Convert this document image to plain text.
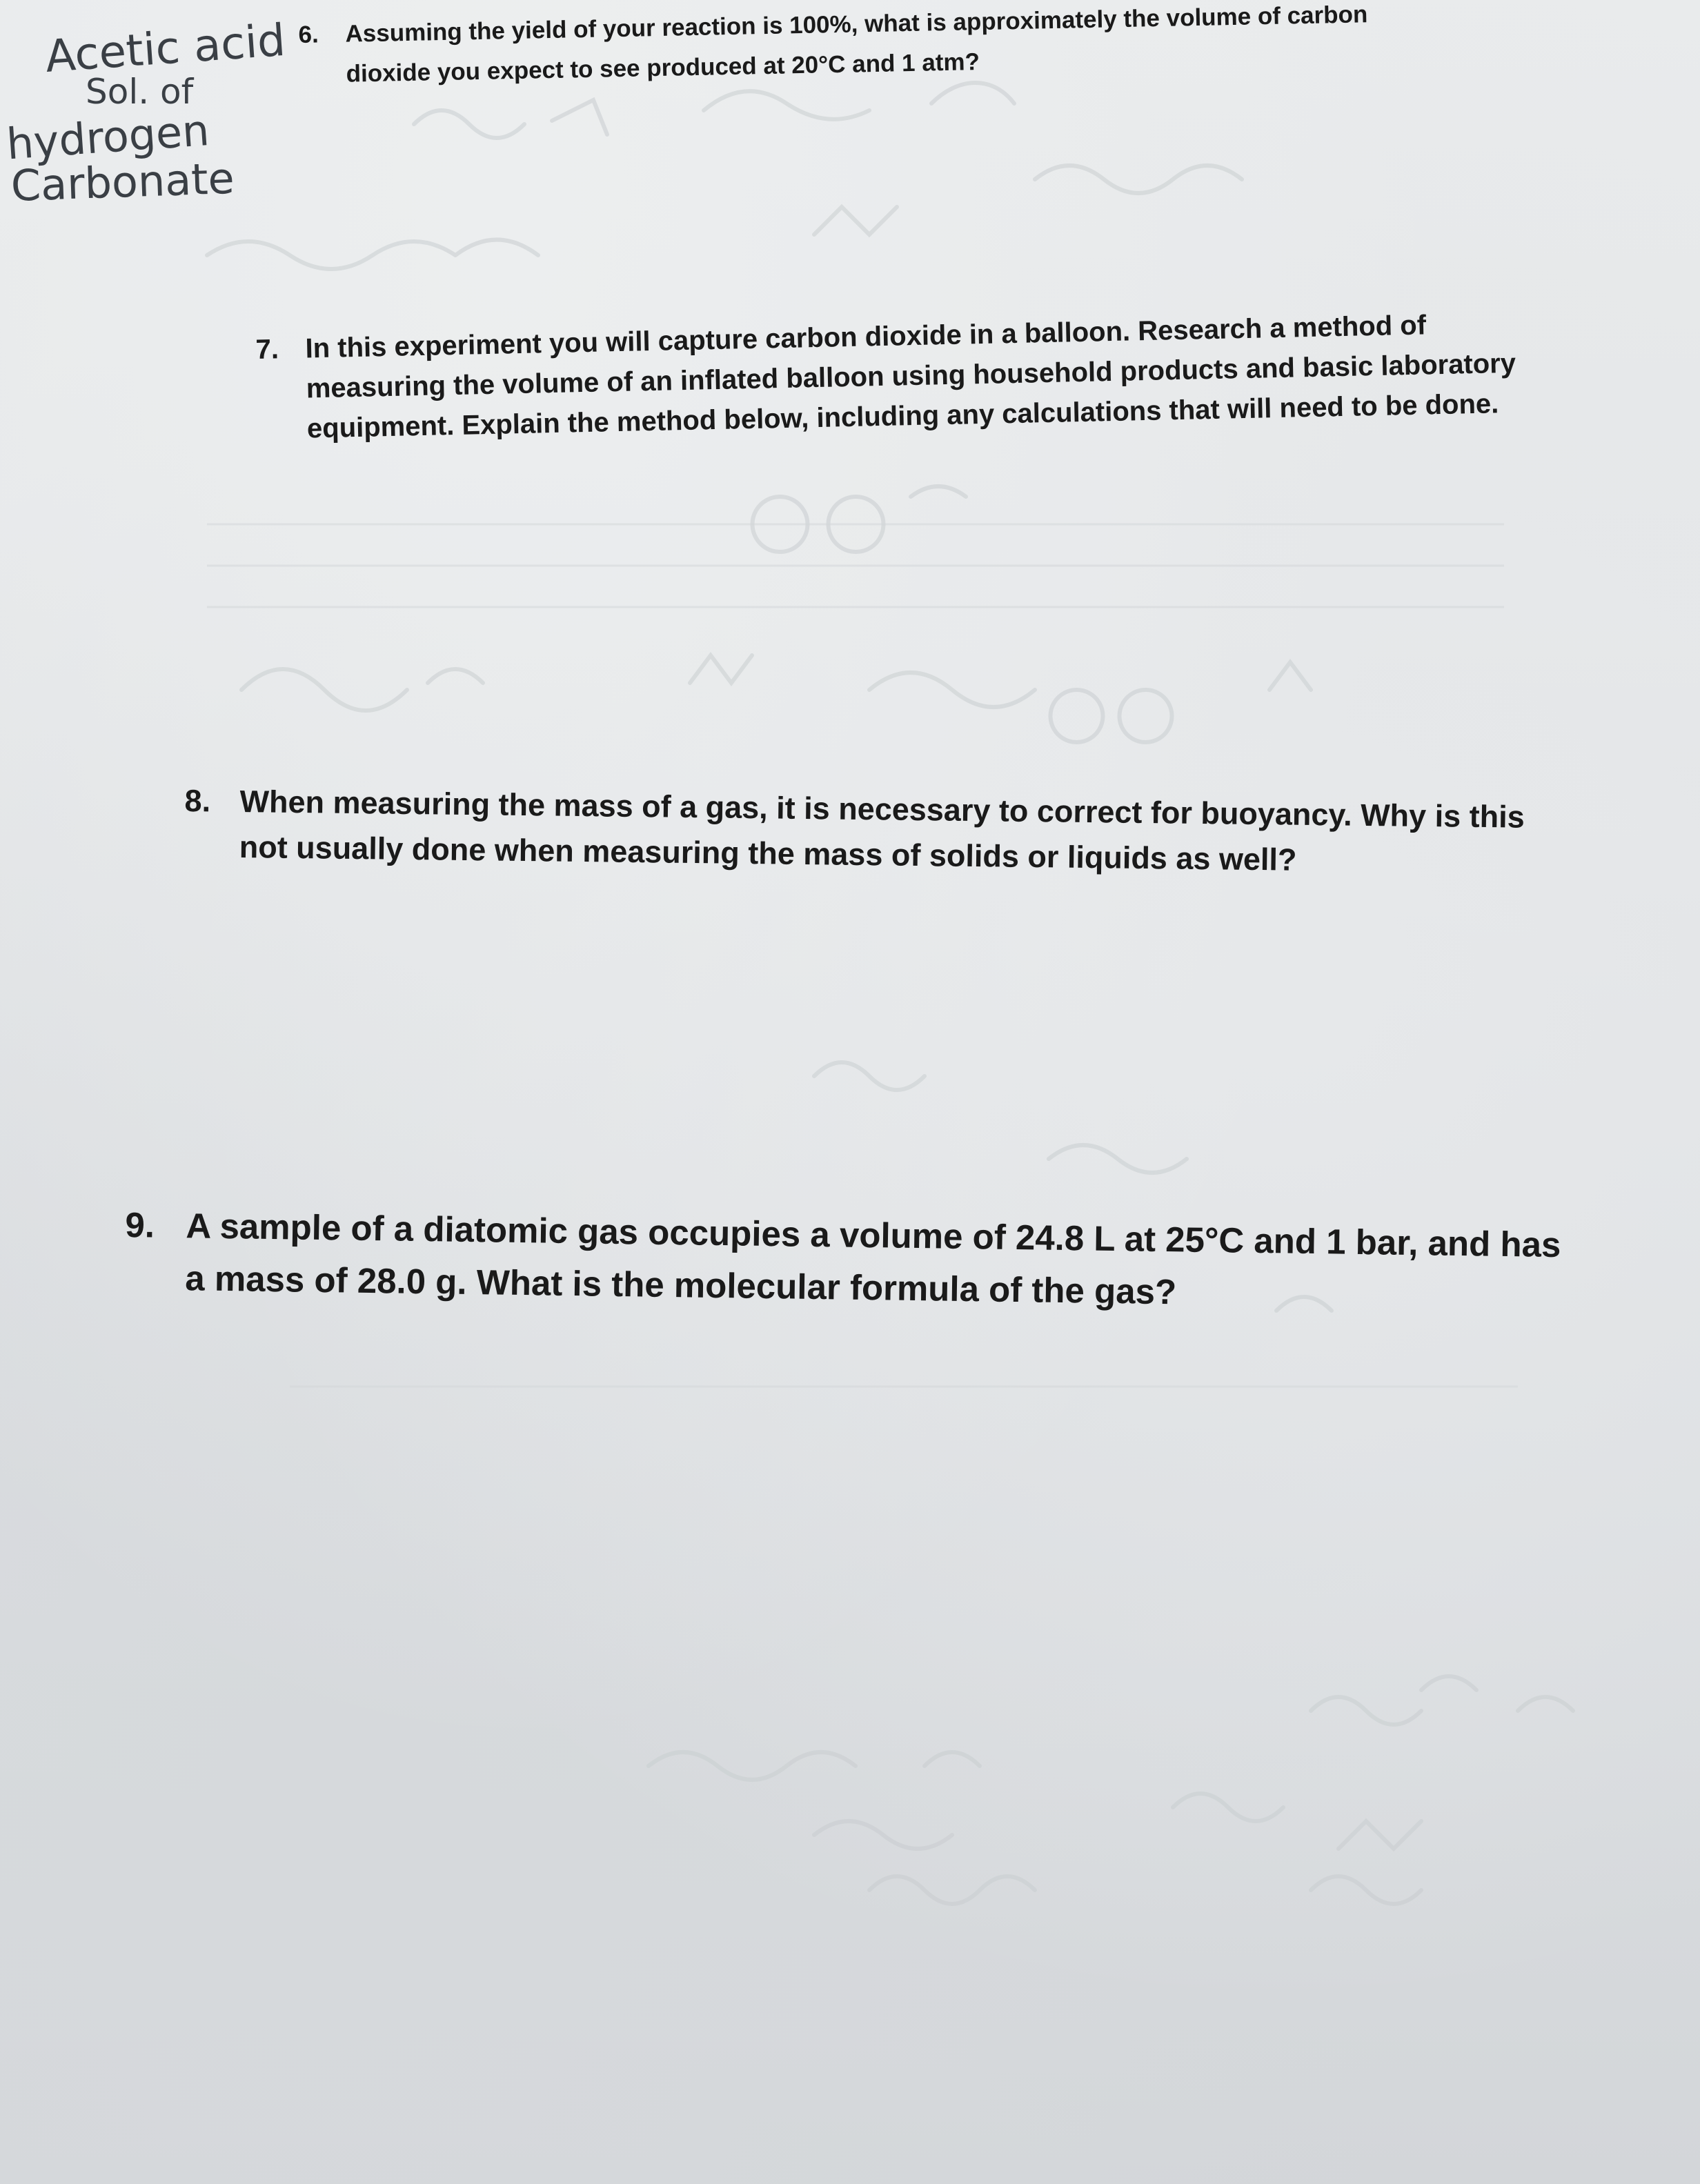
Acetic acid
Sol. of
hydrogen
Carbonate
6.	Assuming the yield of your reaction is 100%, what is approximately the volume of carbon dioxide you expect to see produced at 20°C and 1 atm?
7. In this experiment you will capture carbon dioxide in a balloon. Research a method of measuring the volume of an inflated balloon using household products and basic laboratory equipment. Explain the method below, including any calculations that will need to be done.
8. When measuring the mass of a gas, it is necessary to correct for buoyancy. Why is this not usually done when measuring the mass of solids or liquids as well?
9. A sample of a diatomic gas occupies a volume of 24.8 L at 25°C and 1 bar, and has a mass of 28.0 g. What is the molecular formula of the gas?
